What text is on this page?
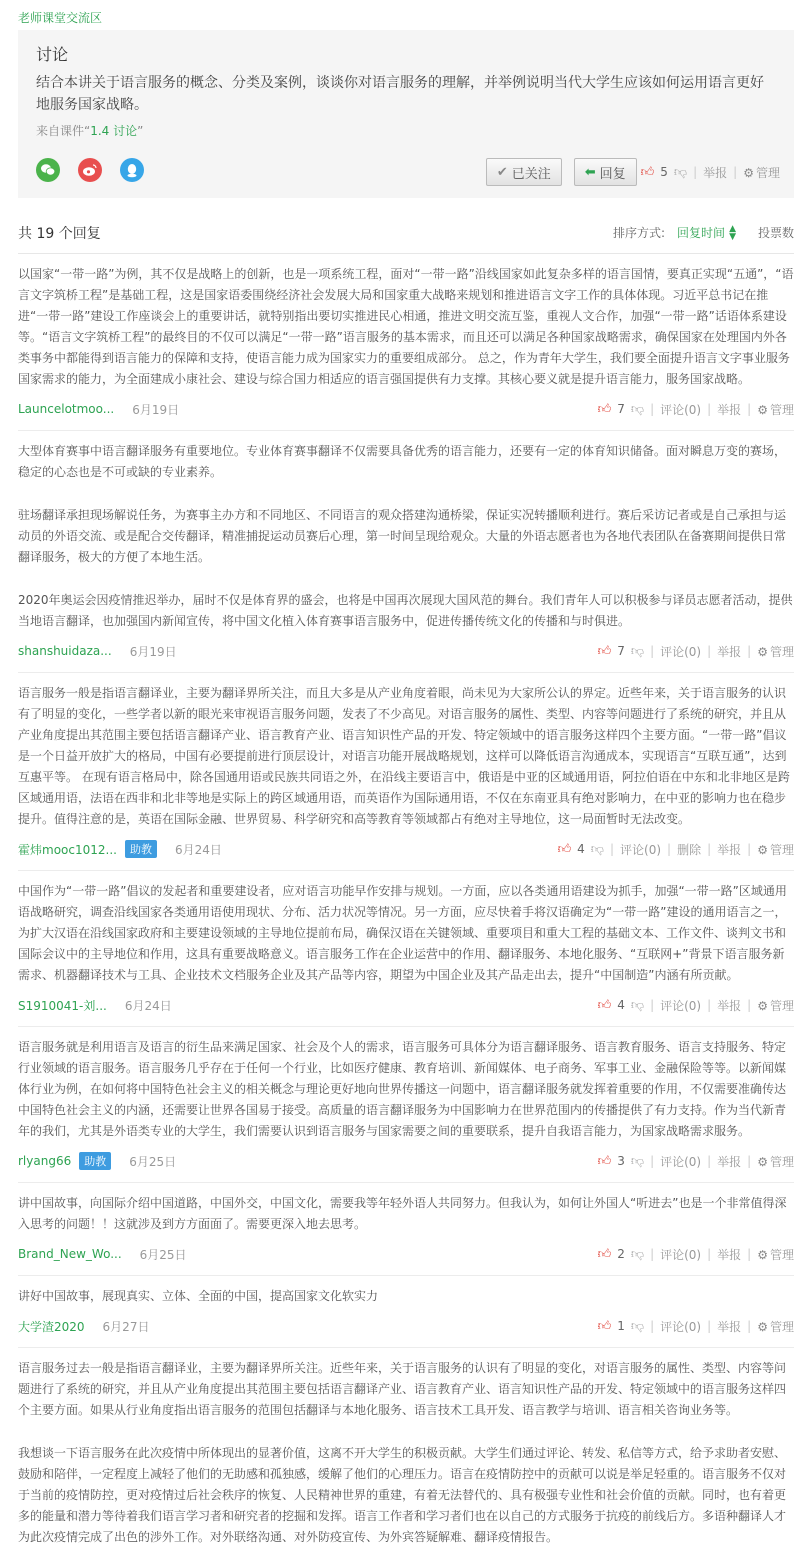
老师课堂交流区
讨论
结合本讲关于语言服务的概念、分类及案例，谈谈你对语言服务的理解，并举例说明当代大学生应该如何运用语言更好地服务国家战略。
来自课件“1.4 讨论”
✔ 已关注	⬅ 回复 👍︎ 5 👎︎ | 举报 | ⚙ 管理
共 19 个回复	排序方式: 回复时间 ▲
▼ 投票数

以国家“一带一路”为例，其不仅是战略上的创新，也是一项系统工程，面对“一带一路”沿线国家如此复杂多样的语言国情，要真正实现“五通”，“语言文字筑桥工程”是基础工程，这是国家语委围绕经济社会发展大局和国家重大战略来规划和推进语言文字工作的具体体现。习近平总书记在推进“一带一路”建设工作座谈会上的重要讲话，就特别指出要切实推进民心相通，推进文明交流互鉴，重视人文合作，加强“一带一路”话语体系建设等。“语言文字筑桥工程”的最终目的不仅可以满足“一带一路”语言服务的基本需求，而且还可以满足各种国家战略需求，确保国家在处理国内外各类事务中都能得到语言能力的保障和支持，使语言能力成为国家实力的重要组成部分。 总之，作为青年大学生，我们要全面提升语言文字事业服务国家需求的能力，为全面建成小康社会、建设与综合国力相适应的语言强国提供有力支撑。其核心要义就是提升语言能力，服务国家战略。

Launcelotmoo... 6月19日	👍︎ 7 👎︎ | 评论(0) | 举报 | ⚙ 管理

大型体育赛事中语言翻译服务有重要地位。专业体育赛事翻译不仅需要具备优秀的语言能力，还要有一定的体育知识储备。面对瞬息万变的赛场，稳定的心态也是不可或缺的专业素养。

驻场翻译承担现场解说任务，为赛事主办方和不同地区、不同语言的观众搭建沟通桥梁，保证实况转播顺利进行。赛后采访记者或是自己承担与运动员的外语交流、或是配合交传翻译，精准捕捉运动员赛后心理，第一时间呈现给观众。大量的外语志愿者也为各地代表团队在备赛期间提供日常翻译服务，极大的方便了本地生活。

2020年奥运会因疫情推迟举办，届时不仅是体育界的盛会，也将是中国再次展现大国风范的舞台。我们青年人可以积极参与译员志愿者活动，提供当地语言翻译，也加强国内新闻宣传，将中国文化植入体育赛事语言服务中，促进传播传统文化的传播和与时俱进。

shanshuidaza... 6月19日	👍︎ 7 👎︎ | 评论(0) | 举报 | ⚙ 管理

语言服务一般是指语言翻译业，主要为翻译界所关注，而且大多是从产业角度着眼，尚未见为大家所公认的界定。近些年来，关于语言服务的认识有了明显的变化，一些学者以新的眼光来审视语言服务问题，发表了不少高见。对语言服务的属性、类型、内容等问题进行了系统的研究，并且从产业角度提出其范围主要包括语言翻译产业、语言教育产业、语言知识性产品的开发、特定领域中的语言服务这样四个主要方面。“一带一路”倡议是一个日益开放扩大的格局，中国有必要提前进行顶层设计，对语言功能开展战略规划，这样可以降低语言沟通成本，实现语言“互联互通”，达到互惠平等。 在现有语言格局中，除各国通用语或民族共同语之外，在沿线主要语言中，俄语是中亚的区域通用语，阿拉伯语在中东和北非地区是跨区域通用语，法语在西非和北非等地是实际上的跨区域通用语，而英语作为国际通用语，不仅在东南亚具有绝对影响力，在中亚的影响力也在稳步提升。值得注意的是，英语在国际金融、世界贸易、科学研究和高等教育等领域都占有绝对主导地位，这一局面暂时无法改变。

霍炜mooc1012...	助教	6月24日	👍︎ 4 👎︎ | 评论(0) | 删除 | 举报 | ⚙ 管理

中国作为“一带一路”倡议的发起者和重要建设者，应对语言功能早作安排与规划。一方面，应以各类通用语建设为抓手，加强“一带一路”区域通用语战略研究，调查沿线国家各类通用语使用现状、分布、活力状况等情况。另一方面，应尽快着手将汉语确定为“一带一路”建设的通用语言之一，为扩大汉语在沿线国家政府和主要建设领域的主导地位提前布局，确保汉语在关键领域、重要项目和重大工程的基础文本、工作文件、谈判文书和国际会议中的主导地位和作用，这具有重要战略意义。语言服务工作在企业运营中的作用、翻译服务、本地化服务、“互联网+”背景下语言服务新需求、机器翻译技术与工具、企业技术文档服务企业及其产品等内容，期望为中国企业及其产品走出去，提升“中国制造”内涵有所贡献。

S1910041-刘... 6月24日	👍︎ 4 👎︎ | 评论(0) | 举报 | ⚙ 管理

语言服务就是利用语言及语言的衍生品来满足国家、社会及个人的需求，语言服务可具体分为语言翻译服务、语言教育服务、语言支持服务、特定行业领域的语言服务。语言服务几乎存在于任何一个行业，比如医疗健康、教育培训、新闻媒体、电子商务、军事工业、金融保险等等。以新闻媒体行业为例，在如何将中国特色社会主义的相关概念与理论更好地向世界传播这一问题中，语言翻译服务就发挥着重要的作用，不仅需要准确传达中国特色社会主义的内涵，还需要让世界各国易于接受。高质量的语言翻译服务为中国影响力在世界范围内的传播提供了有力支持。作为当代新青年的我们，尤其是外语类专业的大学生，我们需要认识到语言服务与国家需要之间的重要联系，提升自我语言能力，为国家战略需求服务。

rlyang66	助教	6月25日	👍︎ 3 👎︎ | 评论(0) | 举报 | ⚙ 管理

讲中国故事，向国际介绍中国道路，中国外交，中国文化，需要我等年轻外语人共同努力。但我认为，如何让外国人“听进去”也是一个非常值得深入思考的问题！！这就涉及到方方面面了。需要更深入地去思考。

Brand_New_Wo... 6月25日	👍︎ 2 👎︎ | 评论(0) | 举报 | ⚙ 管理

讲好中国故事，展现真实、立体、全面的中国，提高国家文化软实力

大学渣2020 6月27日	👍︎ 1 👎︎ | 评论(0) | 举报 | ⚙ 管理

语言服务过去一般是指语言翻译业，主要为翻译界所关注。近些年来，关于语言服务的认识有了明显的变化，对语言服务的属性、类型、内容等问题进行了系统的研究，并且从产业角度提出其范围主要包括语言翻译产业、语言教育产业、语言知识性产品的开发、特定领域中的语言服务这样四个主要方面。如果从行业角度指出语言服务的范围包括翻译与本地化服务、语言技术工具开发、语言教学与培训、语言相关咨询业务等。

我想谈一下语言服务在此次疫情中所体现出的显著价值，这离不开大学生的积极贡献。大学生们通过评论、转发、私信等方式，给予求助者安慰、鼓励和陪伴，一定程度上减轻了他们的无助感和孤独感，缓解了他们的心理压力。语言在疫情防控中的贡献可以说是举足轻重的。语言服务不仅对于当前的疫情防控，更对疫情过后社会秩序的恢复、人民精神世界的重建，有着无法替代的、具有极强专业性和社会价值的贡献。同时，也有着更多的能量和潜力等待着我们语言学习者和研究者的挖掘和发挥。语言工作者和学习者们也在以自己的方式服务于抗疫的前线后方。多语种翻译人才为此次疫情完成了出色的涉外工作。对外联络沟通、对外防疫宣传、为外宾答疑解难、翻译疫情报告。
